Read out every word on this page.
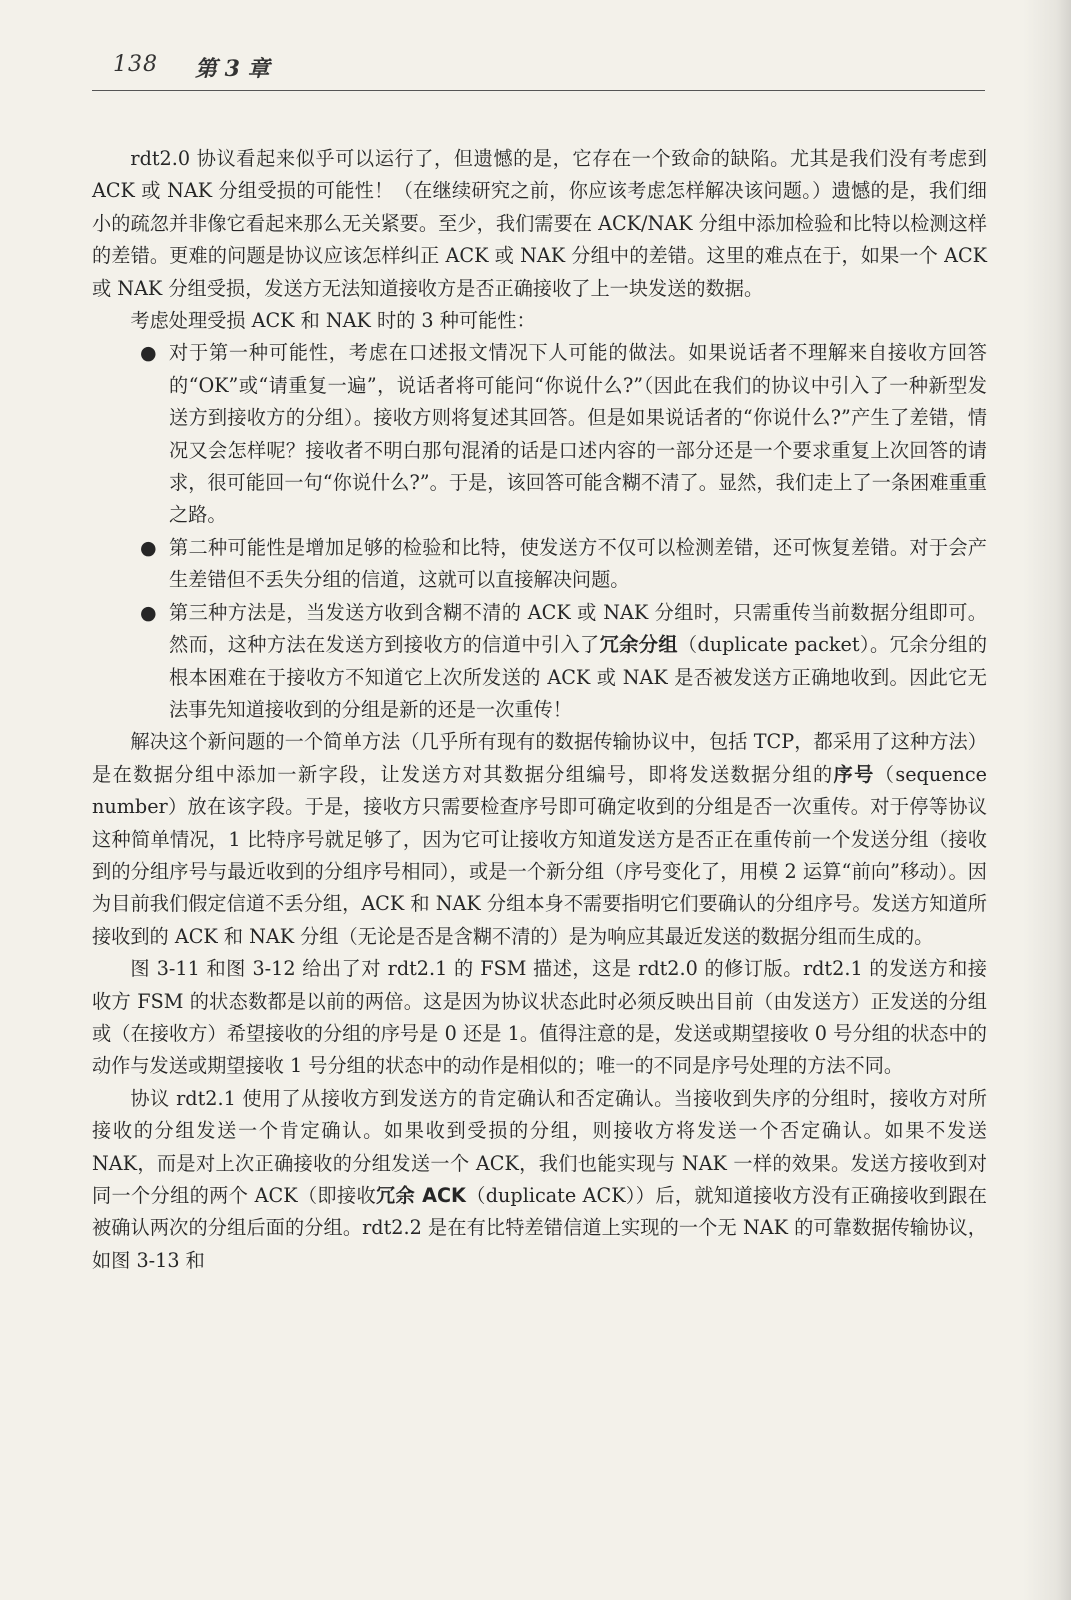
138 第 3 章

rdt2.0 协议看起来似乎可以运行了，但遗憾的是，它存在一个致命的缺陷。尤其是我们没有考虑到 ACK 或 NAK 分组受损的可能性！（在继续研究之前，你应该考虑怎样解决该问题。）遗憾的是，我们细小的疏忽并非像它看起来那么无关紧要。至少，我们需要在 ACK/NAK 分组中添加检验和比特以检测这样的差错。更难的问题是协议应该怎样纠正 ACK 或 NAK 分组中的差错。这里的难点在于，如果一个 ACK 或 NAK 分组受损，发送方无法知道接收方是否正确接收了上一块发送的数据。

考虑处理受损 ACK 和 NAK 时的 3 种可能性：

● 对于第一种可能性，考虑在口述报文情况下人可能的做法。如果说话者不理解来自接收方回答的“OK”或“请重复一遍”，说话者将可能问“你说什么?”（因此在我们的协议中引入了一种新型发送方到接收方的分组）。接收方则将复述其回答。但是如果说话者的“你说什么?”产生了差错，情况又会怎样呢？接收者不明白那句混淆的话是口述内容的一部分还是一个要求重复上次回答的请求，很可能回一句“你说什么?”。于是，该回答可能含糊不清了。显然，我们走上了一条困难重重之路。
● 第二种可能性是增加足够的检验和比特，使发送方不仅可以检测差错，还可恢复差错。对于会产生差错但不丢失分组的信道，这就可以直接解决问题。
● 第三种方法是，当发送方收到含糊不清的 ACK 或 NAK 分组时，只需重传当前数据分组即可。然而，这种方法在发送方到接收方的信道中引入了冗余分组（duplicate packet）。冗余分组的根本困难在于接收方不知道它上次所发送的 ACK 或 NAK 是否被发送方正确地收到。因此它无法事先知道接收到的分组是新的还是一次重传！

解决这个新问题的一个简单方法（几乎所有现有的数据传输协议中，包括 TCP，都采用了这种方法）是在数据分组中添加一新字段，让发送方对其数据分组编号，即将发送数据分组的序号（sequence number）放在该字段。于是，接收方只需要检查序号即可确定收到的分组是否一次重传。对于停等协议这种简单情况，1 比特序号就足够了，因为它可让接收方知道发送方是否正在重传前一个发送分组（接收到的分组序号与最近收到的分组序号相同），或是一个新分组（序号变化了，用模 2 运算“前向”移动）。因为目前我们假定信道不丢分组，ACK 和 NAK 分组本身不需要指明它们要确认的分组序号。发送方知道所接收到的 ACK 和 NAK 分组（无论是否是含糊不清的）是为响应其最近发送的数据分组而生成的。

图 3-11 和图 3-12 给出了对 rdt2.1 的 FSM 描述，这是 rdt2.0 的修订版。rdt2.1 的发送方和接收方 FSM 的状态数都是以前的两倍。这是因为协议状态此时必须反映出目前（由发送方）正发送的分组或（在接收方）希望接收的分组的序号是 0 还是 1。值得注意的是，发送或期望接收 0 号分组的状态中的动作与发送或期望接收 1 号分组的状态中的动作是相似的；唯一的不同是序号处理的方法不同。

协议 rdt2.1 使用了从接收方到发送方的肯定确认和否定确认。当接收到失序的分组时，接收方对所接收的分组发送一个肯定确认。如果收到受损的分组，则接收方将发送一个否定确认。如果不发送 NAK，而是对上次正确接收的分组发送一个 ACK，我们也能实现与 NAK 一样的效果。发送方接收到对同一个分组的两个 ACK（即接收冗余 ACK（duplicate ACK））后，就知道接收方没有正确接收到跟在被确认两次的分组后面的分组。rdt2.2 是在有比特差错信道上实现的一个无 NAK 的可靠数据传输协议，如图 3-13 和
